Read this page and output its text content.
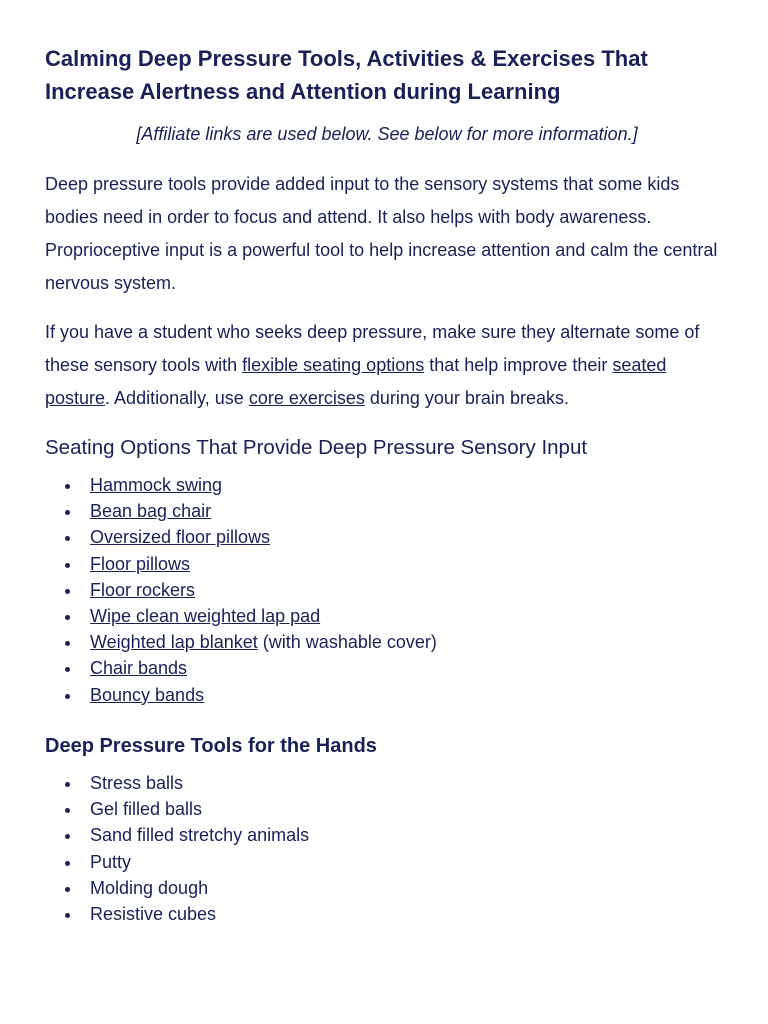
Calming Deep Pressure Tools, Activities & Exercises That Increase Alertness and Attention during Learning

[Affiliate links are used below. See below for more information.]

Deep pressure tools provide added input to the sensory systems that some kids bodies need in order to focus and attend. It also helps with body awareness. Proprioceptive input is a powerful tool to help increase attention and calm the central nervous system.

If you have a student who seeks deep pressure, make sure they alternate some of these sensory tools with flexible seating options that help improve their seated posture. Additionally, use core exercises during your brain breaks.

Seating Options That Provide Deep Pressure Sensory Input
Hammock swing
Bean bag chair
Oversized floor pillows
Floor pillows
Floor rockers
Wipe clean weighted lap pad
Weighted lap blanket (with washable cover)
Chair bands
Bouncy bands
Deep Pressure Tools for the Hands
Stress balls
Gel filled balls
Sand filled stretchy animals
Putty
Molding dough
Resistive cubes
